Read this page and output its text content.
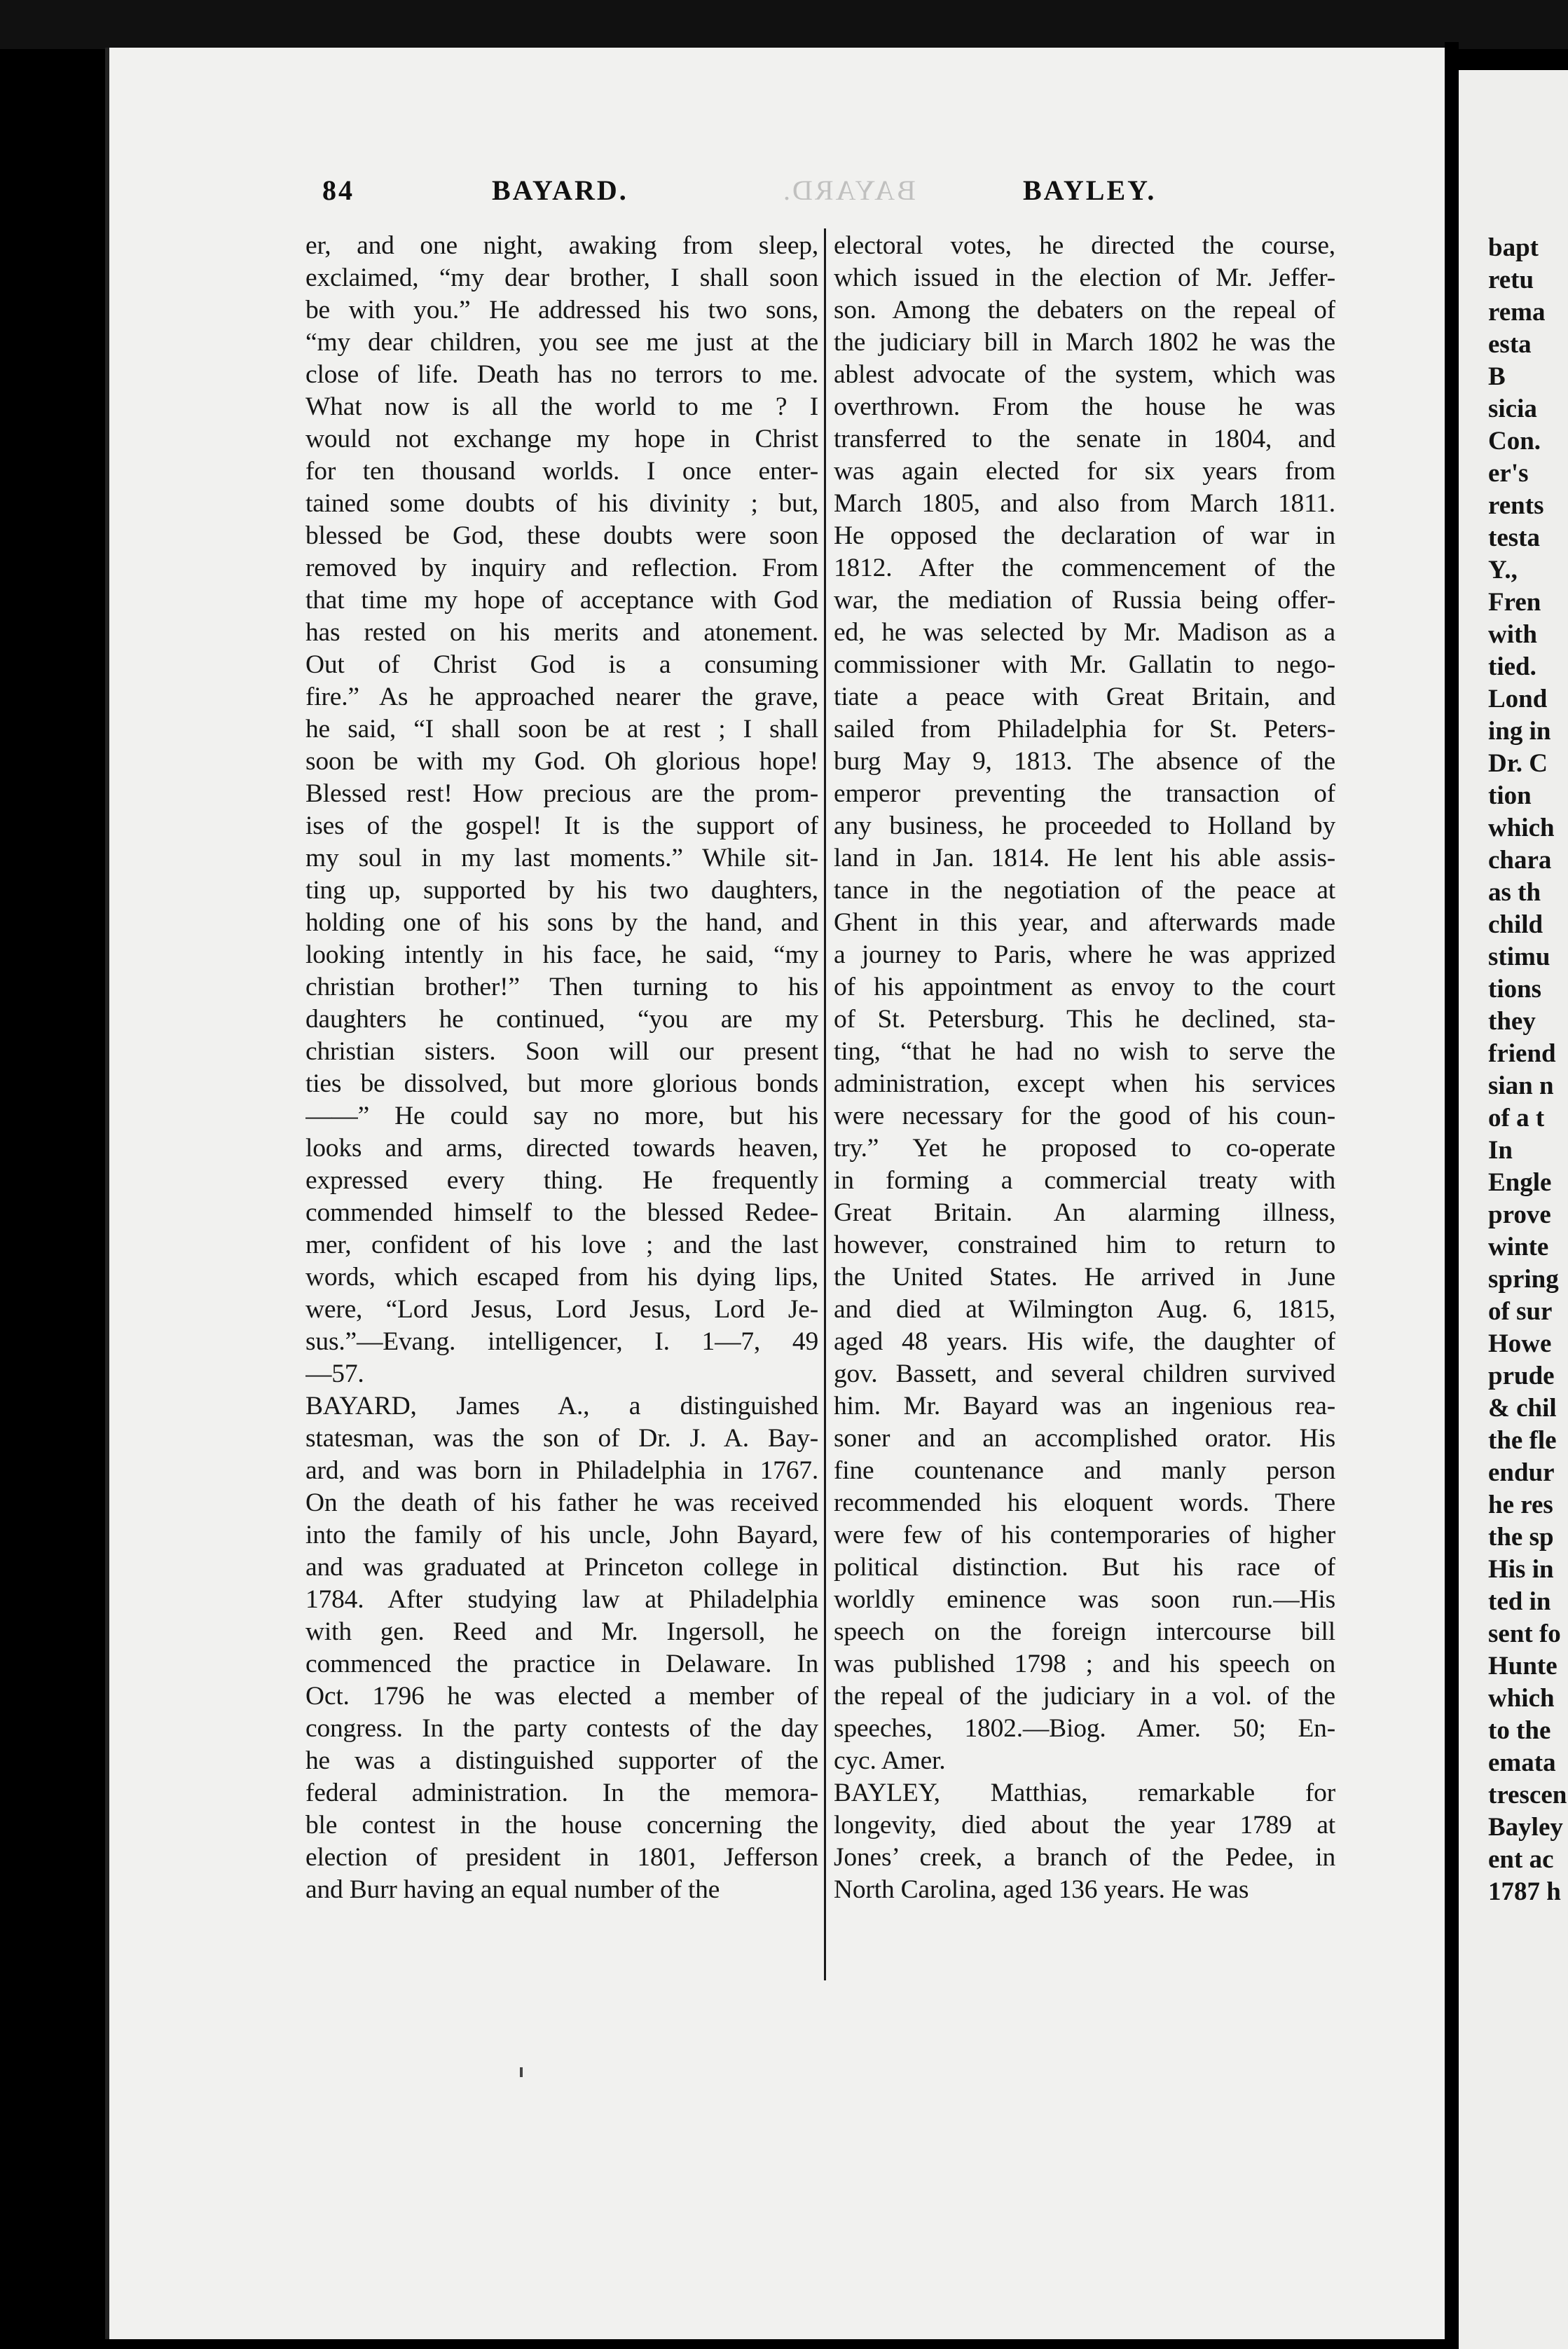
84	BAYARD.	BAYARD.	BAYLEY.
er, and one night, awaking from sleep,
exclaimed, “my dear brother, I shall soon
be with you.” He addressed his two sons,
“my dear children, you see me just at the
close of life. Death has no terrors to me.
What now is all the world to me ? I
would not exchange my hope in Christ
for ten thousand worlds. I once enter-
tained some doubts of his divinity ; but,
blessed be God, these doubts were soon
removed by inquiry and reflection. From
that time my hope of acceptance with God
has rested on his merits and atonement.
Out of Christ God is a consuming
fire.” As he approached nearer the grave,
he said, “I shall soon be at rest ; I shall
soon be with my God. Oh glorious hope!
Blessed rest! How precious are the prom-
ises of the gospel! It is the support of
my soul in my last moments.” While sit-
ting up, supported by his two daughters,
holding one of his sons by the hand, and
looking intently in his face, he said, “my
christian brother!” Then turning to his
daughters he continued, “you are my
christian sisters. Soon will our present
ties be dissolved, but more glorious bonds
——” He could say no more, but his
looks and arms, directed towards heaven,
expressed every thing. He frequently
commended himself to the blessed Redee-
mer, confident of his love ; and the last
words, which escaped from his dying lips,
were, “Lord Jesus, Lord Jesus, Lord Je-
sus.”—Evang. intelligencer, I. 1—7, 49
—57.
BAYARD, James A., a distinguished
statesman, was the son of Dr. J. A. Bay-
ard, and was born in Philadelphia in 1767.
On the death of his father he was received
into the family of his uncle, John Bayard,
and was graduated at Princeton college in
1784. After studying law at Philadelphia
with gen. Reed and Mr. Ingersoll, he
commenced the practice in Delaware. In
Oct. 1796 he was elected a member of
congress. In the party contests of the day
he was a distinguished supporter of the
federal administration. In the memora-
ble contest in the house concerning the
election of president in 1801, Jefferson
and Burr having an equal number of the
electoral votes, he directed the course,
which issued in the election of Mr. Jeffer-
son. Among the debaters on the repeal of
the judiciary bill in March 1802 he was the
ablest advocate of the system, which was
overthrown. From the house he was
transferred to the senate in 1804, and
was again elected for six years from
March 1805, and also from March 1811.
He opposed the declaration of war in
1812. After the commencement of the
war, the mediation of Russia being offer-
ed, he was selected by Mr. Madison as a
commissioner with Mr. Gallatin to nego-
tiate a peace with Great Britain, and
sailed from Philadelphia for St. Peters-
burg May 9, 1813. The absence of the
emperor preventing the transaction of
any business, he proceeded to Holland by
land in Jan. 1814. He lent his able assis-
tance in the negotiation of the peace at
Ghent in this year, and afterwards made
a journey to Paris, where he was apprized
of his appointment as envoy to the court
of St. Petersburg. This he declined, sta-
ting, “that he had no wish to serve the
administration, except when his services
were necessary for the good of his coun-
try.” Yet he proposed to co-operate
in forming a commercial treaty with
Great Britain. An alarming illness,
however, constrained him to return to
the United States. He arrived in June
and died at Wilmington Aug. 6, 1815,
aged 48 years. His wife, the daughter of
gov. Bassett, and several children survived
him. Mr. Bayard was an ingenious rea-
soner and an accomplished orator. His
fine countenance and manly person
recommended his eloquent words. There
were few of his contemporaries of higher
political distinction. But his race of
worldly eminence was soon run.—His
speech on the foreign intercourse bill
was published 1798 ; and his speech on
the repeal of the judiciary in a vol. of the
speeches, 1802.—Biog. Amer. 50; En-
cyc. Amer.
BAYLEY, Matthias, remarkable for
longevity, died about the year 1789 at
Jones’ creek, a branch of the Pedee, in
North Carolina, aged 136 years. He was
bapt
retu
rema
esta
B
sicia
Con.
er's
rents
testa
Y.,
Fren
with
tied.
Lond
ing in
Dr. C
tion
which
chara
as th
child
stimu
tions
they
friend
sian n
of a t
In
Engle
prove
winte
spring
of sur
Howe
prude
& chil
the fle
endur
he res
the sp
His in
ted in
sent fo
Hunte
which
to the
emata
trescen
Bayley
ent ac
1787 h
